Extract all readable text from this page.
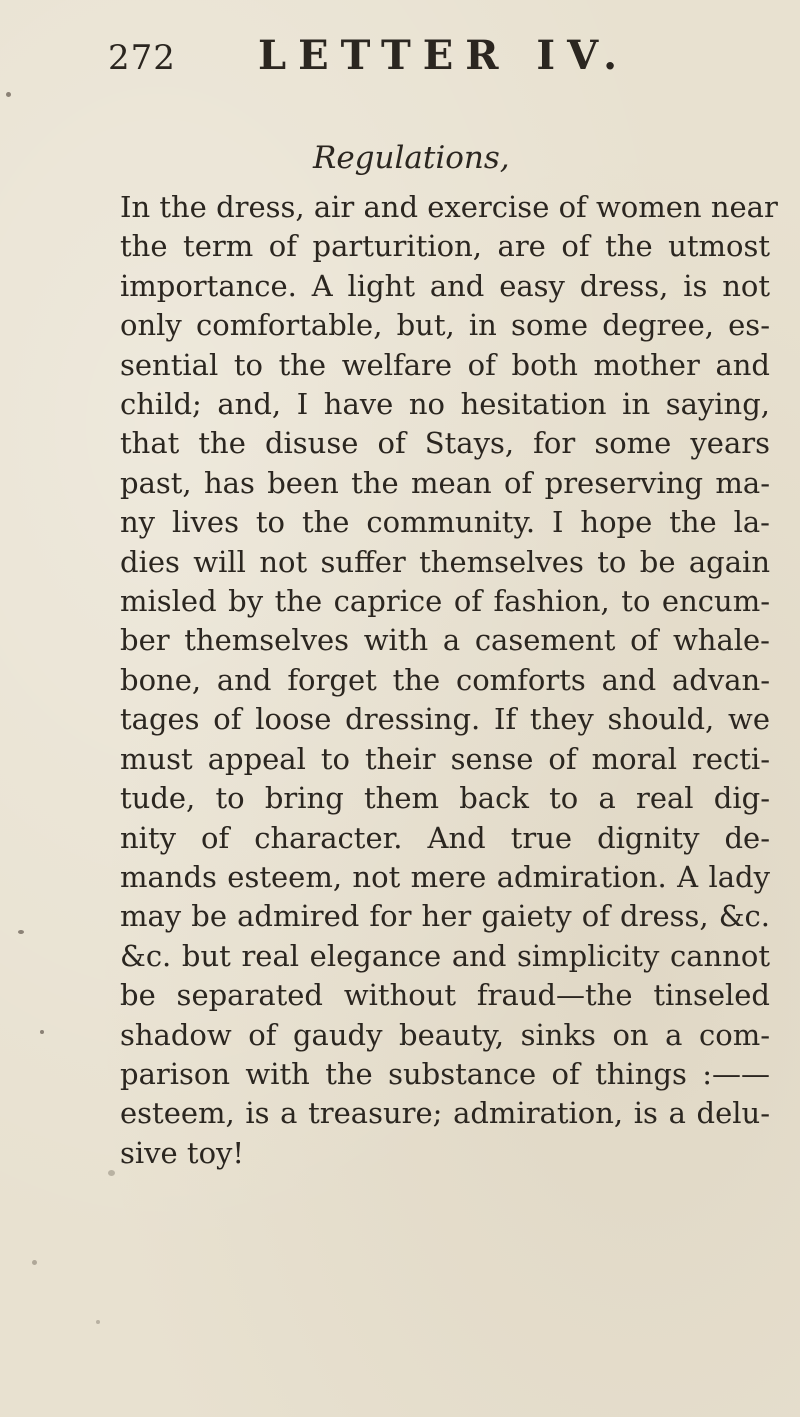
272 LETTER IV.
Regulations,
In the dress, air and exercise of women near
the term of parturition, are of the utmost
importance. A light and easy dress, is not
only comfortable, but, in some degree, es-
sential to the welfare of both mother and
child; and, I have no hesitation in saying,
that the disuse of Stays, for some years
past, has been the mean of preserving ma-
ny lives to the community. I hope the la-
dies will not suffer themselves to be again
misled by the caprice of fashion, to encum-
ber themselves with a casement of whale-
bone, and forget the comforts and advan-
tages of loose dressing. If they should, we
must appeal to their sense of moral recti-
tude, to bring them back to a real dig-
nity of character. And true dignity de-
mands esteem, not mere admiration. A lady
may be admired for her gaiety of dress, &c.
&c. but real elegance and simplicity cannot
be separated without fraud—the tinseled
shadow of gaudy beauty, sinks on a com-
parison with the substance of things :——
esteem, is a treasure; admiration, is a delu-
sive toy!
